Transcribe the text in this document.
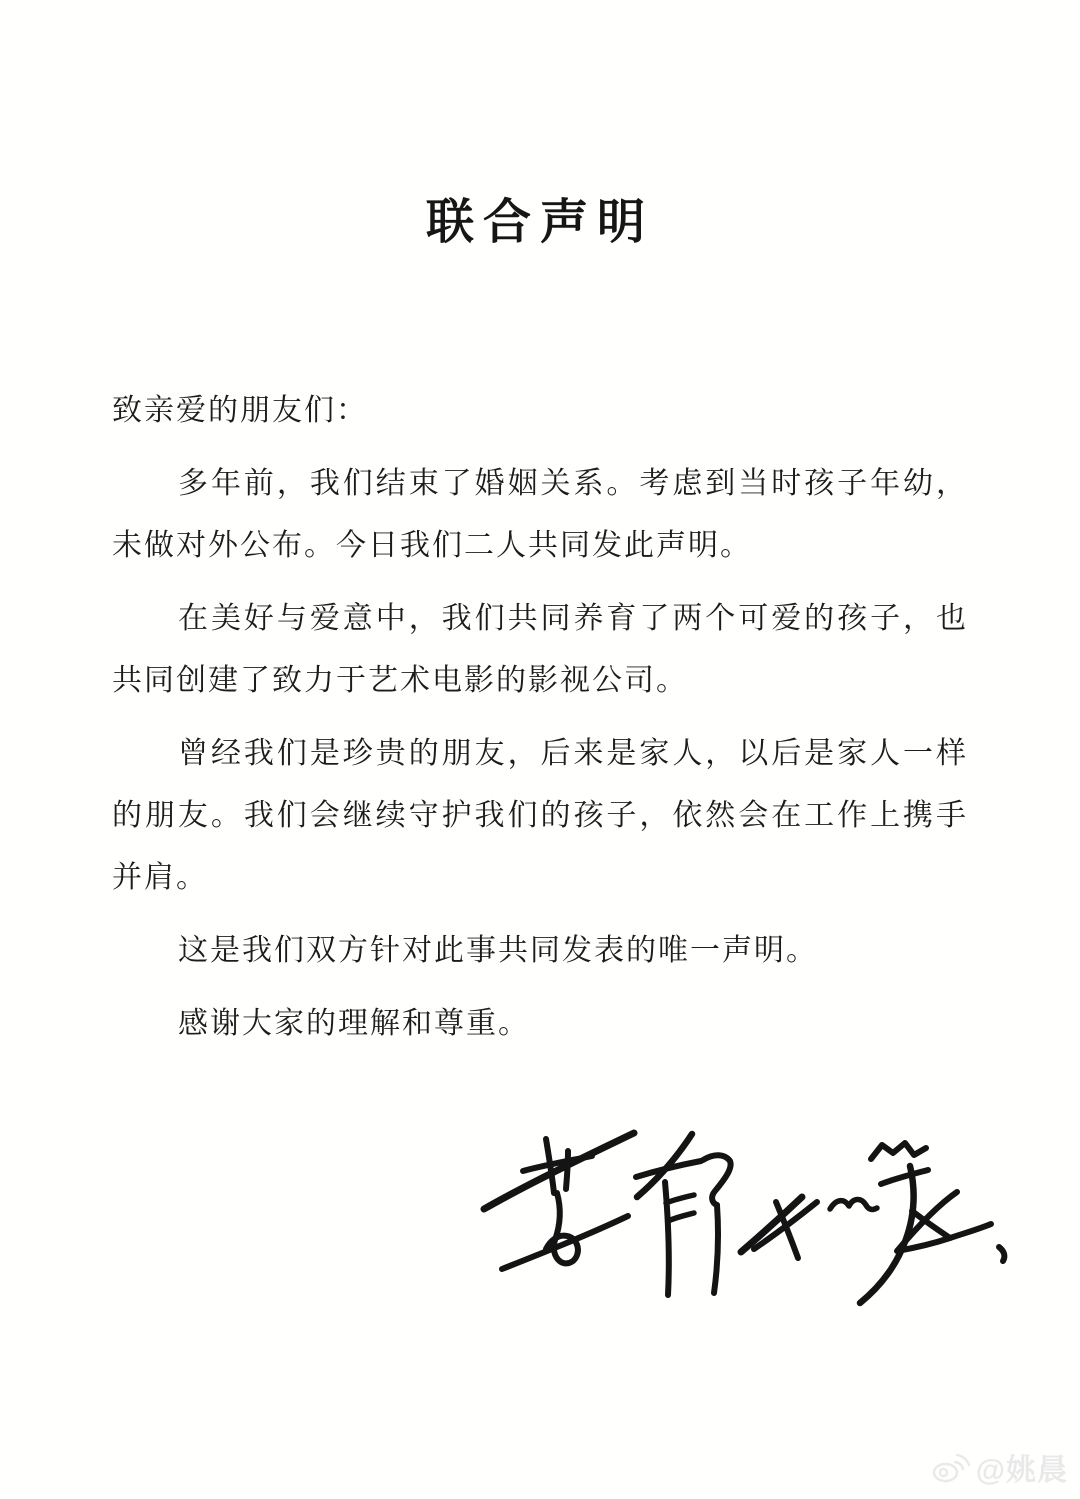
联合声明

致亲爱的朋友们：

多年前，我们结束了婚姻关系。考虑到当时孩子年幼，未做对外公布。今日我们二人共同发此声明。

在美好与爱意中，我们共同养育了两个可爱的孩子，也共同创建了致力于艺术电影的影视公司。

曾经我们是珍贵的朋友，后来是家人，以后是家人一样的朋友。我们会继续守护我们的孩子，依然会在工作上携手并肩。

这是我们双方针对此事共同发表的唯一声明。

感谢大家的理解和尊重。

@姚晨
